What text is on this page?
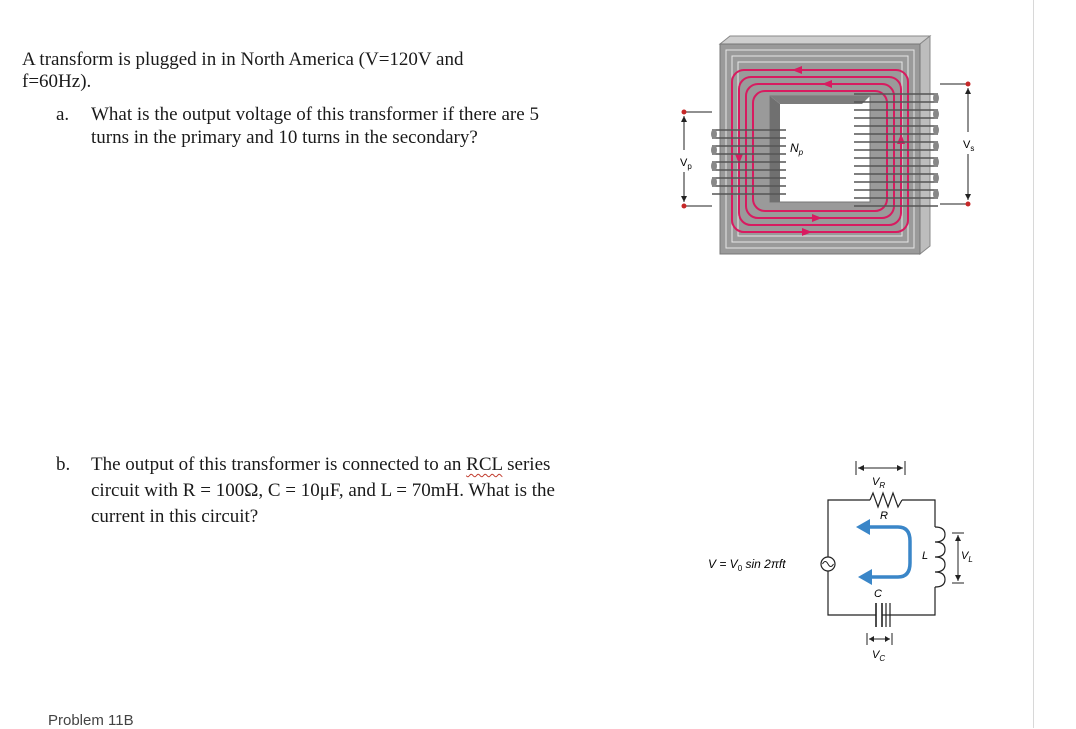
A transform is plugged in in North America (V=120V and
f=60Hz).
a. What is the output voltage of this transformer if there are 5
turns in the primary and 10 turns in the secondary?
b. The output of this transformer is connected to an RCL series
circuit with R = 100Ω, C = 10μF, and L = 70mH. What is the
current in this circuit?
$V_p$
$V_s$
$N_p$
$V_R$
R
C
$V_C$
L
I	$V_L$
$V = V_0$ sin 2πft
Problem 11B
